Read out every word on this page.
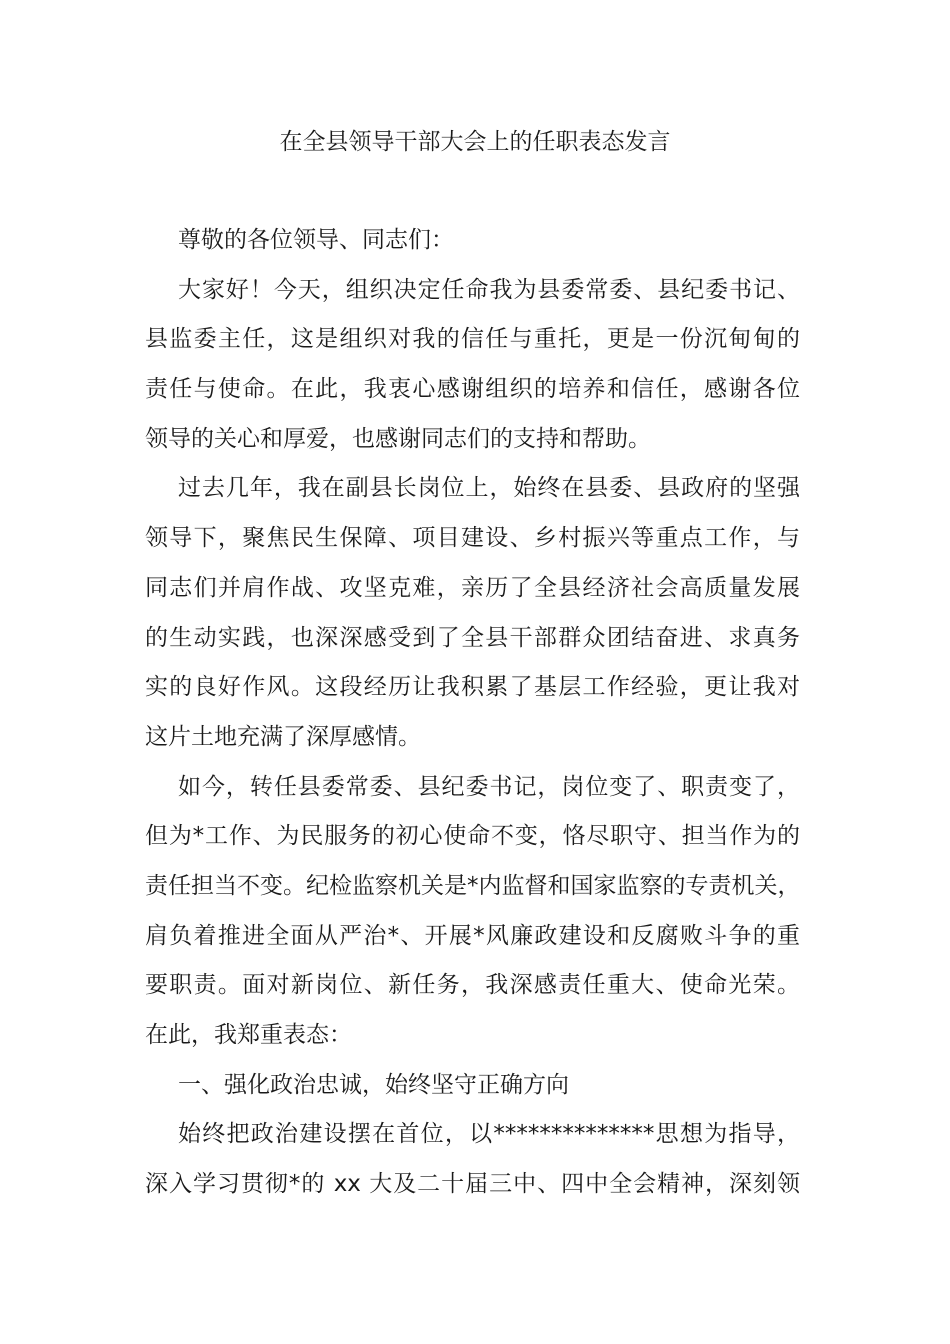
在全县领导干部大会上的任职表态发言
尊敬的各位领导、同志们：
大家好！今天，组织决定任命我为县委常委、县纪委书记、
县监委主任，这是组织对我的信任与重托，更是一份沉甸甸的
责任与使命。在此，我衷心感谢组织的培养和信任，感谢各位
领导的关心和厚爱，也感谢同志们的支持和帮助。
过去几年，我在副县长岗位上，始终在县委、县政府的坚强
领导下，聚焦民生保障、项目建设、乡村振兴等重点工作，与
同志们并肩作战、攻坚克难，亲历了全县经济社会高质量发展
的生动实践，也深深感受到了全县干部群众团结奋进、求真务
实的良好作风。这段经历让我积累了基层工作经验，更让我对
这片土地充满了深厚感情。
如今，转任县委常委、县纪委书记，岗位变了、职责变了，
但为*工作、为民服务的初心使命不变，恪尽职守、担当作为的
责任担当不变。纪检监察机关是*内监督和国家监察的专责机关，
肩负着推进全面从严治*、开展*风廉政建设和反腐败斗争的重
要职责。面对新岗位、新任务，我深感责任重大、使命光荣。
在此，我郑重表态：
一、强化政治忠诚，始终坚守正确方向
始终把政治建设摆在首位，以**************思想为指导，
深入学习贯彻*的 xx 大及二十届三中、四中全会精神，深刻领
